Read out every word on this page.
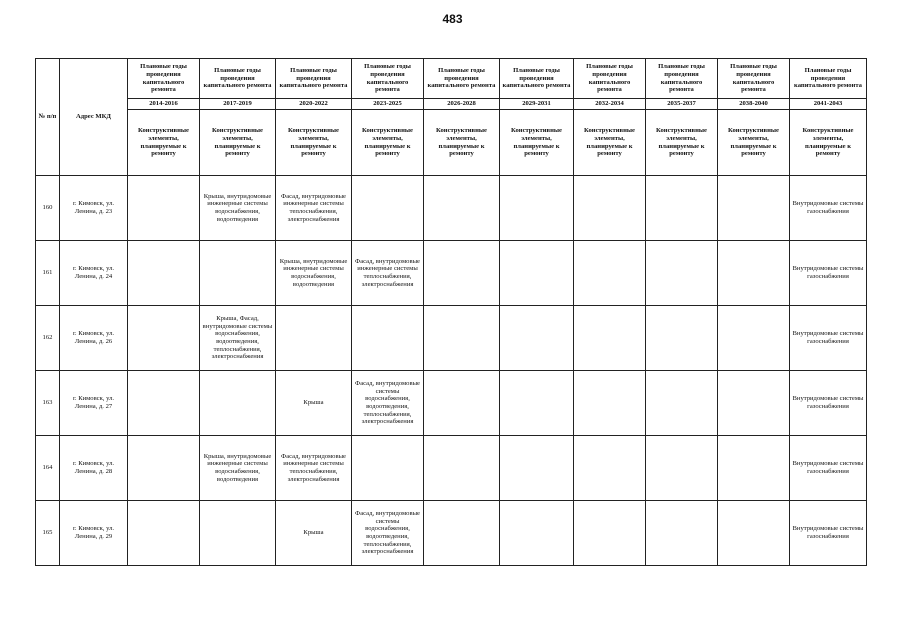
483
№ п/п	Адрес МКД	Плановые годы проведения капитального ремонта	Плановые годы проведения капитального ремонта	Плановые годы проведения капитального ремонта	Плановые годы проведения капитального ремонта	Плановые годы проведения капитального ремонта	Плановые годы проведения капитального ремонта	Плановые годы проведения капитального ремонта	Плановые годы проведения капитального ремонта	Плановые годы проведения капитального ремонта	Плановые годы проведения капитального ремонта
		2014-2016	2017-2019	2020-2022	2023-2025	2026-2028	2029-2031	2032-2034	2035-2037	2038-2040	2041-2043
		Конструктивные элементы, планируемые к ремонту	Конструктивные элементы, планируемые к ремонту	Конструктивные элементы, планируемые к ремонту	Конструктивные элементы, планируемые к ремонту	Конструктивные элементы, планируемые к ремонту	Конструктивные элементы, планируемые к ремонту	Конструктивные элементы, планируемые к ремонту	Конструктивные элементы, планируемые к ремонту	Конструктивные элементы, планируемые к ремонту	Конструктивные элементы, планируемые к ремонту
160	г. Кимовск, ул. Ленина, д. 23		Крыша, внутридомовые инженерные системы водоснабжения, водоотведения	Фасад, внутридомовые инженерные системы теплоснабжения, электроснабжения							Внутридомовые системы газоснабжения
161	г. Кимовск, ул. Ленина, д. 24			Крыша, внутридомовые инженерные системы водоснабжения, водоотведения	Фасад, внутридомовые инженерные системы теплоснабжения, электроснабжения						Внутридомовые системы газоснабжения
162	г. Кимовск, ул. Ленина, д. 26		Крыша, Фасад, внутридомовые системы водоснабжения, водоотведения, теплоснабжения, электроснабжения								Внутридомовые системы газоснабжения
163	г. Кимовск, ул. Ленина, д. 27			Крыша	Фасад, внутридомовые системы водоснабжения, водоотведения, теплоснабжения, электроснабжения						Внутридомовые системы газоснабжения
164	г. Кимовск, ул. Ленина, д. 28		Крыша, внутридомовые инженерные системы водоснабжения, водоотведения	Фасад, внутридомовые инженерные системы теплоснабжения, электроснабжения							Внутридомовые системы газоснабжения
165	г. Кимовск, ул. Ленина, д. 29			Крыша	Фасад, внутридомовые системы водоснабжения, водоотведения, теплоснабжения, электроснабжения						Внутридомовые системы газоснабжения
